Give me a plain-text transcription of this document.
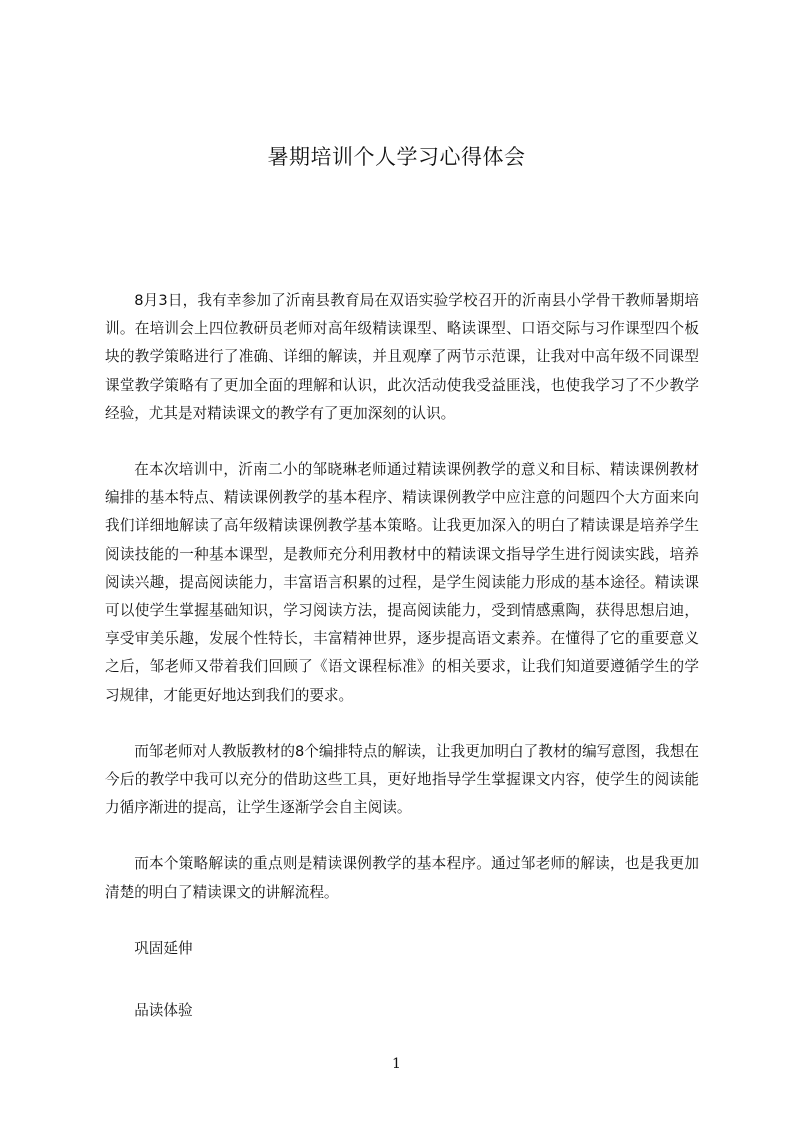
暑期培训个人学习心得体会

8月3日，我有幸参加了沂南县教育局在双语实验学校召开的沂南县小学骨干教师暑期培训。在培训会上四位教研员老师对高年级精读课型、略读课型、口语交际与习作课型四个板块的教学策略进行了准确、详细的解读，并且观摩了两节示范课，让我对中高年级不同课型课堂教学策略有了更加全面的理解和认识，此次活动使我受益匪浅，也使我学习了不少教学经验，尤其是对精读课文的教学有了更加深刻的认识。

在本次培训中，沂南二小的邹晓琳老师通过精读课例教学的意义和目标、精读课例教材编排的基本特点、精读课例教学的基本程序、精读课例教学中应注意的问题四个大方面来向我们详细地解读了高年级精读课例教学基本策略。让我更加深入的明白了精读课是培养学生阅读技能的一种基本课型，是教师充分利用教材中的精读课文指导学生进行阅读实践，培养阅读兴趣，提高阅读能力，丰富语言积累的过程，是学生阅读能力形成的基本途径。精读课可以使学生掌握基础知识，学习阅读方法，提高阅读能力，受到情感熏陶，获得思想启迪，享受审美乐趣，发展个性特长，丰富精神世界，逐步提高语文素养。在懂得了它的重要意义之后，邹老师又带着我们回顾了《语文课程标准》的相关要求，让我们知道要遵循学生的学习规律，才能更好地达到我们的要求。

而邹老师对人教版教材的8个编排特点的解读，让我更加明白了教材的编写意图，我想在今后的教学中我可以充分的借助这些工具，更好地指导学生掌握课文内容，使学生的阅读能力循序渐进的提高，让学生逐渐学会自主阅读。

而本个策略解读的重点则是精读课例教学的基本程序。通过邹老师的解读，也是我更加清楚的明白了精读课文的讲解流程。

巩固延伸

品读体验

1
